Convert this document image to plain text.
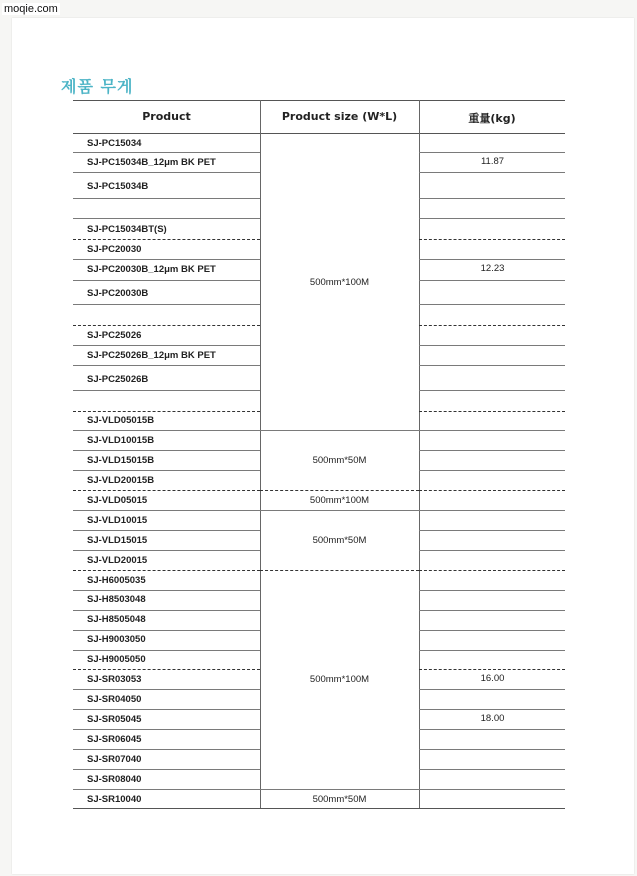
moqie.com
제품 무게
Product	Product size (W*L)	重量(kg)
SJ-PC15034
SJ-PC15034B_12μm BK PET
SJ-PC15034B
SJ-PC15034BT(S)
SJ-PC20030
SJ-PC20030B_12μm BK PET
SJ-PC20030B
SJ-PC25026
SJ-PC25026B_12μm BK PET
SJ-PC25026B
SJ-VLD05015B
SJ-VLD10015B
SJ-VLD15015B
SJ-VLD20015B
SJ-VLD05015
SJ-VLD10015
SJ-VLD15015
SJ-VLD20015
SJ-H6005035
SJ-H8503048
SJ-H8505048
SJ-H9003050
SJ-H9005050
SJ-SR03053
SJ-SR04050
SJ-SR05045
SJ-SR06045
SJ-SR07040
SJ-SR08040
SJ-SR10040
500mm*100M
500mm*50M
500mm*100M
500mm*50M
500mm*100M
500mm*50M
11.87
12.23
16.00
18.00
